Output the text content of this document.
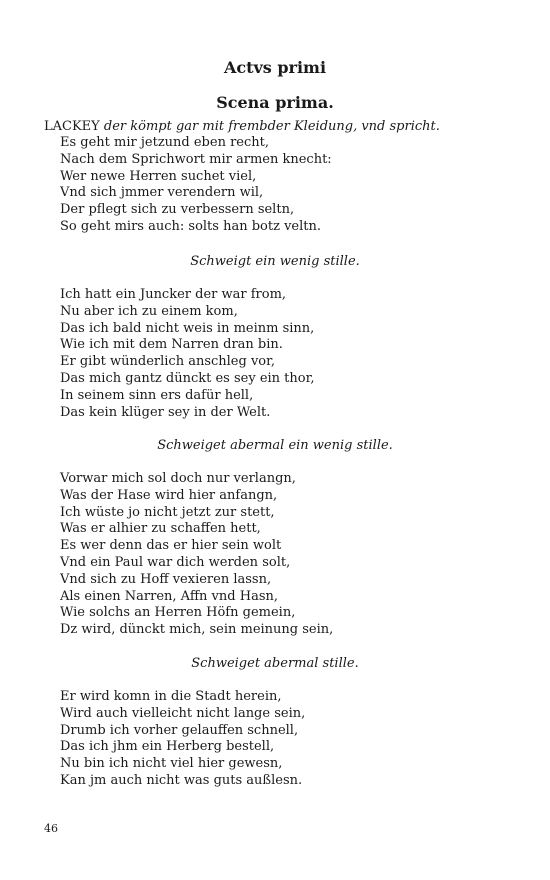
Actvs primi
Scena prima.
LACKEY der kömpt gar mit frembder Kleidung, vnd spricht.
Es geht mir jetzund eben recht,
Nach dem Sprichwort mir armen knecht:
Wer newe Herren suchet viel,
Vnd sich jmmer verendern wil,
Der pflegt sich zu verbessern seltn,
So geht mirs auch: solts han botz veltn.
Schweigt ein wenig stille.
Ich hatt ein Juncker der war from,
Nu aber ich zu einem kom,
Das ich bald nicht weis in meinm sinn,
Wie ich mit dem Narren dran bin.
Er gibt wünderlich anschleg vor,
Das mich gantz dünckt es sey ein thor,
In seinem sinn ers dafür hell,
Das kein klüger sey in der Welt.
Schweiget abermal ein wenig stille.
Vorwar mich sol doch nur verlangn,
Was der Hase wird hier anfangn,
Ich wüste jo nicht jetzt zur stett,
Was er alhier zu schaffen hett,
Es wer denn das er hier sein wolt
Vnd ein Paul war dich werden solt,
Vnd sich zu Hoff vexieren lassn,
Als einen Narren, Affn vnd Hasn,
Wie solchs an Herren Höfn gemein,
Dz wird, dünckt mich, sein meinung sein,
Schweiget abermal stille.
Er wird komn in die Stadt herein,
Wird auch vielleicht nicht lange sein,
Drumb ich vorher gelauffen schnell,
Das ich jhm ein Herberg bestell,
Nu bin ich nicht viel hier gewesn,
Kan jm auch nicht was guts außlesn.
46
